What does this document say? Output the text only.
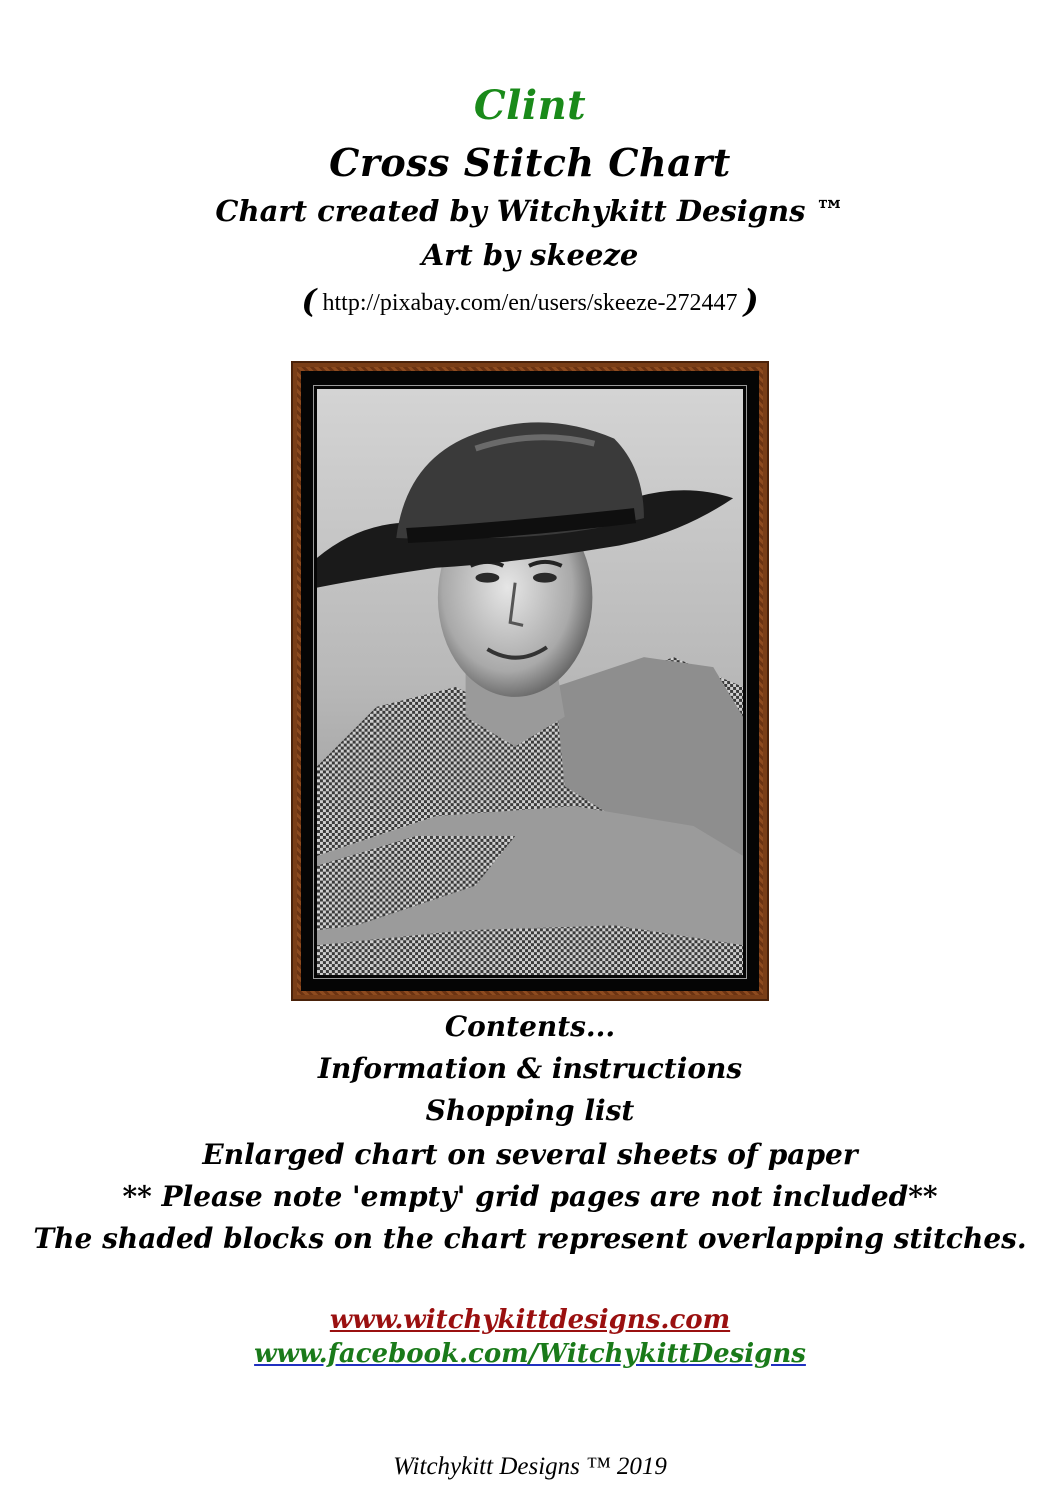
Clint
Cross Stitch Chart
Chart created by Witchykitt Designs ™
Art by skeeze
( http://pixabay.com/en/users/skeeze-272447 )
Contents...
Information & instructions
Shopping list
Enlarged chart on several sheets of paper
** Please note 'empty' grid pages are not included**
The shaded blocks on the chart represent overlapping stitches.
www.witchykittdesigns.com
www.facebook.com/WitchykittDesigns
Witchykitt Designs ™ 2019
